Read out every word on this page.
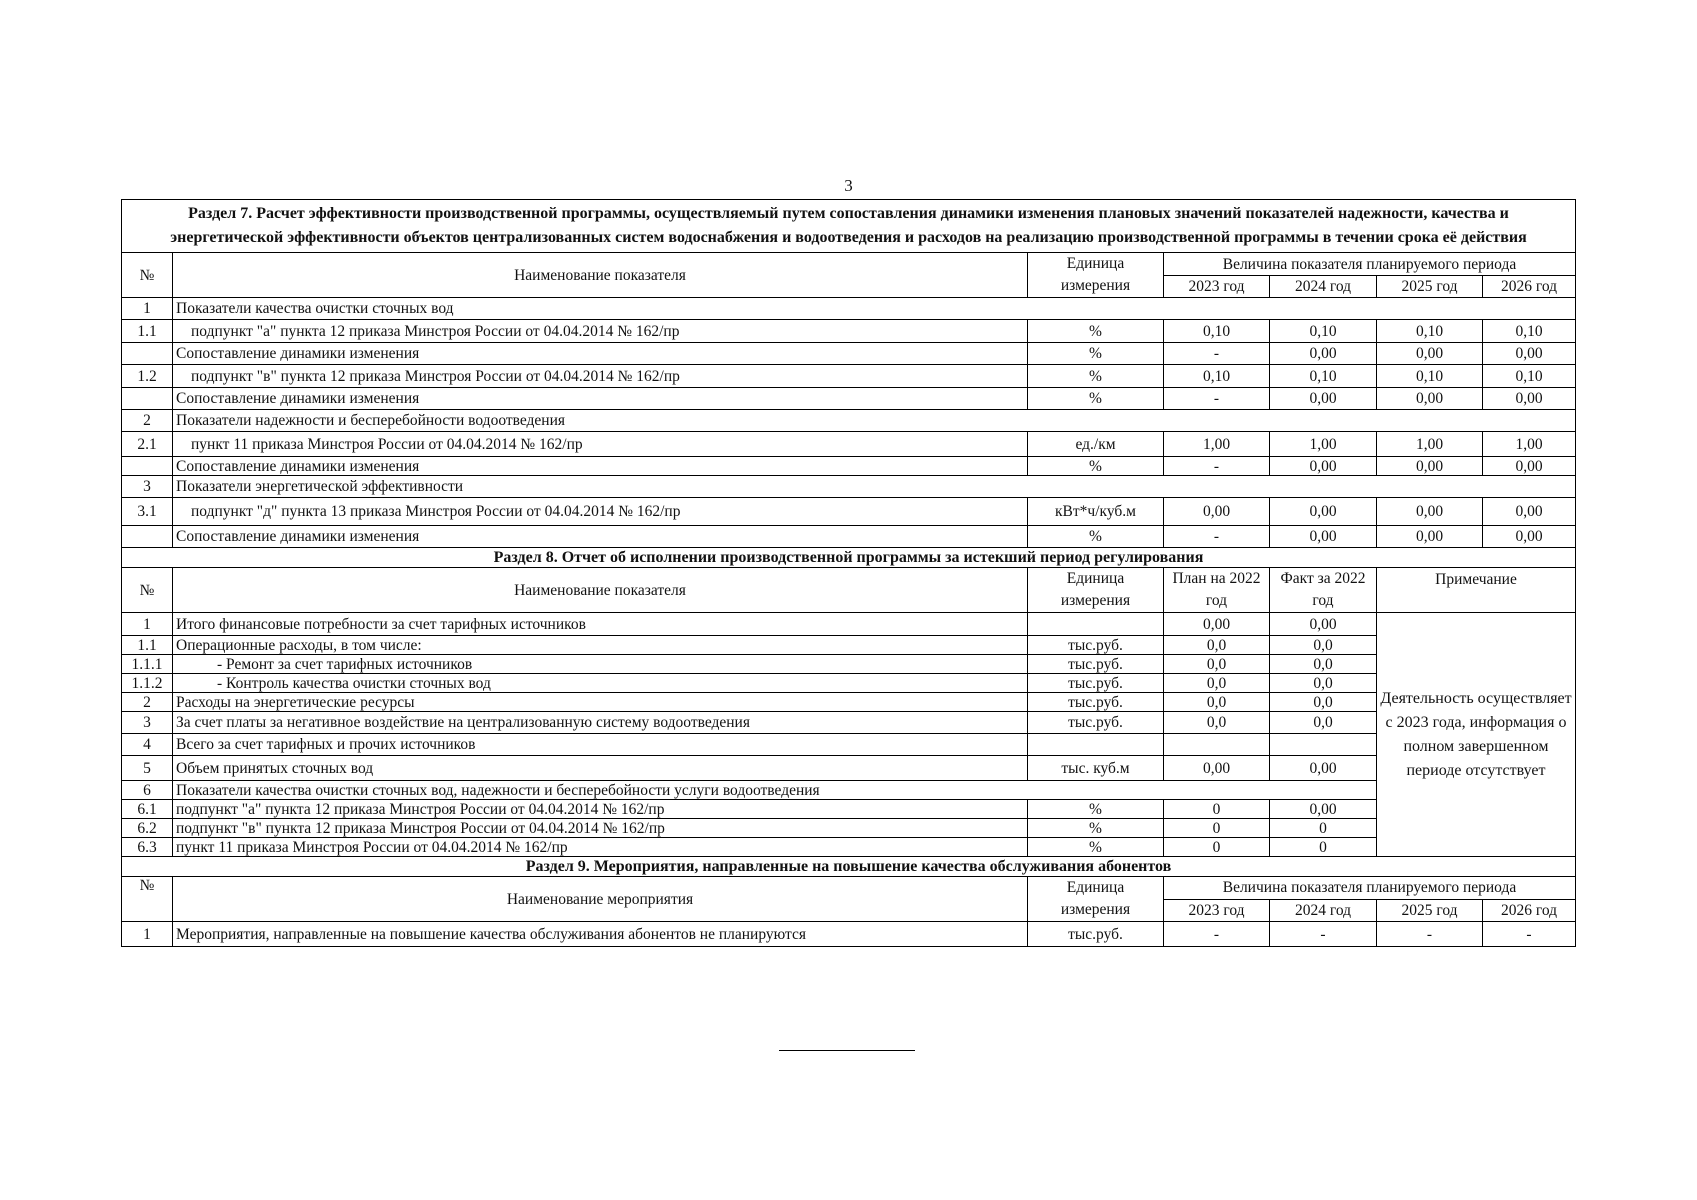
3
Раздел 7. Расчет эффективности производственной программы, осуществляемый путем сопоставления динамики изменения плановых значений показателей надежности, качества и энергетической эффективности объектов централизованных систем водоснабжения и водоотведения и расходов на реализацию производственной программы в течении срока её действия						
№	Наименование показателя	Единица измерения	Величина показателя планируемого периода			
			2023 год	2024 год	2025 год	2026 год
1	Показатели качества очистки сточных вод					
1.1	подпункт "а" пункта 12 приказа Минстроя России от 04.04.2014 № 162/пр	%	0,10	0,10	0,10	0,10
	Сопоставление динамики изменения	%	-	0,00	0,00	0,00
1.2	подпункт "в" пункта 12 приказа Минстроя России от 04.04.2014 № 162/пр	%	0,10	0,10	0,10	0,10
	Сопоставление динамики изменения	%	-	0,00	0,00	0,00
2	Показатели надежности и бесперебойности водоотведения					
2.1	пункт 11 приказа Минстроя России от 04.04.2014 № 162/пр	ед./км	1,00	1,00	1,00	1,00
	Сопоставление динамики изменения	%	-	0,00	0,00	0,00
3	Показатели энергетической эффективности					
3.1	подпункт "д" пункта 13 приказа Минстроя России от 04.04.2014 № 162/пр	кВт*ч/куб.м	0,00	0,00	0,00	0,00
	Сопоставление динамики изменения	%	-	0,00	0,00	0,00
Раздел 8. Отчет об исполнении производственной программы за истекший период регулирования						
№	Наименование показателя	Единица измерения	План на 2022 год	Факт за 2022 год	Примечание	
1	Итого финансовые потребности за счет тарифных источников		0,00	0,00	Деятельность осуществляет с 2023 года, информация о полном завершенном периоде отсутствует	
1.1	Операционные расходы, в том числе:	тыс.руб.	0,0	0,0		
1.1.1	- Ремонт за счет тарифных источников	тыс.руб.	0,0	0,0		
1.1.2	- Контроль качества очистки сточных вод	тыс.руб.	0,0	0,0		
2	Расходы на энергетические ресурсы	тыс.руб.	0,0	0,0		
3	За счет платы за негативное воздействие на централизованную систему водоотведения	тыс.руб.	0,0	0,0		
4	Всего за счет тарифных и прочих источников					
5	Объем принятых сточных вод	тыс. куб.м	0,00	0,00		
6	Показатели качества очистки сточных вод, надежности и бесперебойности услуги водоотведения					
6.1	подпункт "а" пункта 12 приказа Минстроя России от 04.04.2014 № 162/пр	%	0	0,00		
6.2	подпункт "в" пункта 12 приказа Минстроя России от 04.04.2014 № 162/пр	%	0	0		
6.3	пункт 11 приказа Минстроя России от 04.04.2014 № 162/пр	%	0	0		
Раздел 9. Мероприятия, направленные на повышение качества обслуживания абонентов						
№	Наименование мероприятия	Единица измерения	Величина показателя планируемого периода			
			2023 год	2024 год	2025 год	2026 год
1	Мероприятия, направленные на повышение качества обслуживания абонентов не планируются	тыс.руб.	-	-	-	-
